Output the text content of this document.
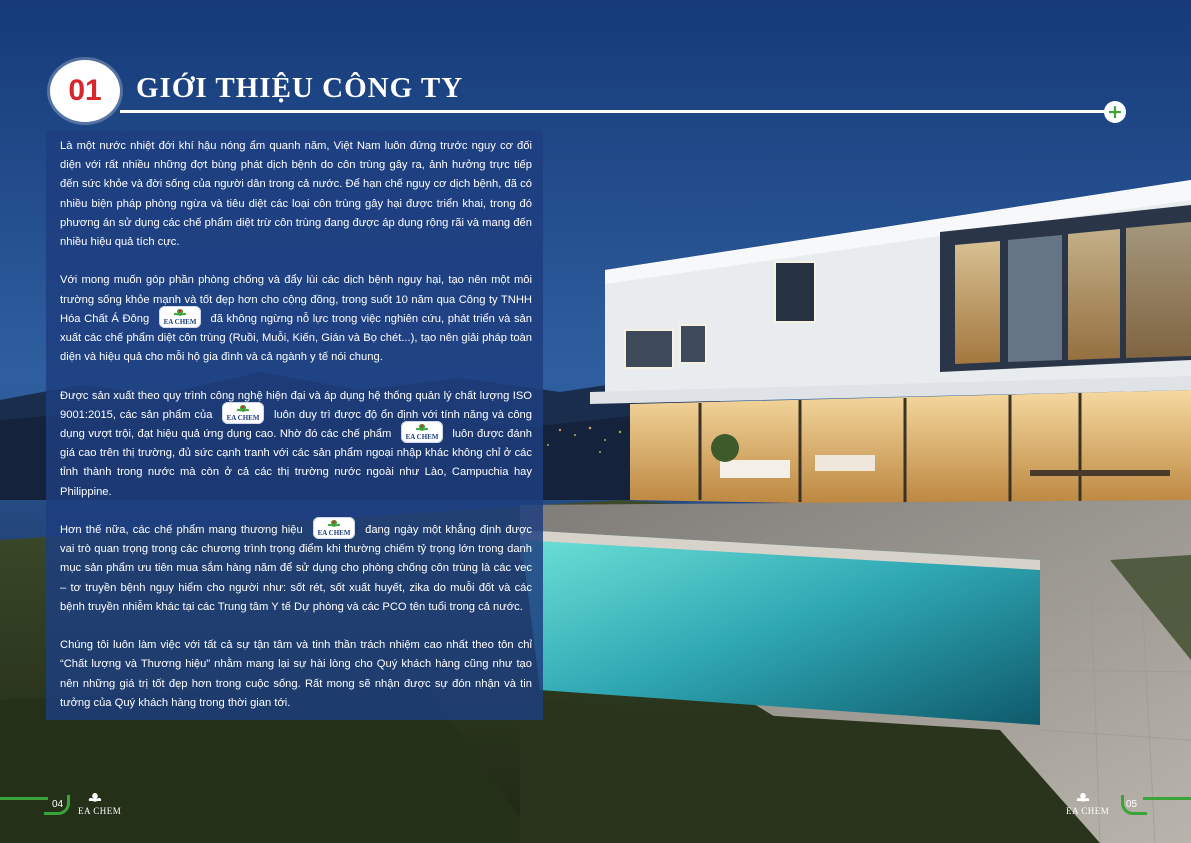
01 GIỚI THIỆU CÔNG TY
+

Là một nước nhiệt đới khí hậu nóng ẩm quanh năm, Việt Nam luôn đứng trước nguy cơ đối diện với rất nhiều những đợt bùng phát dịch bệnh do côn trùng gây ra, ảnh hưởng trực tiếp đến sức khỏe và đời sống của người dân trong cả nước. Để hạn chế nguy cơ dịch bệnh, đã có nhiều biện pháp phòng ngừa và tiêu diệt các loại côn trùng gây hại được triển khai, trong đó phương án sử dụng các chế phẩm diệt trừ côn trùng đang được áp dụng rộng rãi và mang đến nhiều hiệu quả tích cực.

Với mong muốn góp phần phòng chống và đẩy lùi các dịch bệnh nguy hại, tạo nên một môi trường sống khỏe mạnh và tốt đẹp hơn cho cộng đồng, trong suốt 10 năm qua Công ty TNHH Hóa Chất Á Đông EA CHEM đã không ngừng nỗ lực trong việc nghiên cứu, phát triển và sản xuất các chế phẩm diệt côn trùng (Ruồi, Muỗi, Kiến, Gián và Bọ chét...), tạo nên giải pháp toàn diện và hiệu quả cho mỗi hộ gia đình và cả ngành y tế nói chung.

Được sản xuất theo quy trình công nghệ hiện đại và áp dụng hệ thống quản lý chất lượng ISO 9001:2015, các sản phẩm của EA CHEM luôn duy trì được độ ổn định với tính năng và công dụng vượt trội, đạt hiệu quả ứng dụng cao. Nhờ đó các chế phẩm EA CHEM luôn được đánh giá cao trên thị trường, đủ sức cạnh tranh với các sản phẩm ngoại nhập khác không chỉ ở các tỉnh thành trong nước mà còn ở cả các thị trường nước ngoài như Lào, Campuchia hay Philippine.

Hơn thế nữa, các chế phẩm mang thương hiệu EA CHEM đang ngày một khẳng định được vai trò quan trọng trong các chương trình trọng điểm khi thường chiếm tỷ trọng lớn trong danh mục sản phẩm ưu tiên mua sắm hàng năm để sử dụng cho phòng chống côn trùng là các vec – tơ truyền bệnh nguy hiểm cho người như: sốt rét, sốt xuất huyết, zika do muỗi đốt và các bệnh truyền nhiễm khác tại các Trung tâm Y tế Dự phòng và các PCO tên tuổi trong cả nước.

Chúng tôi luôn làm việc với tất cả sự tận tâm và tinh thần trách nhiệm cao nhất theo tôn chỉ “Chất lượng và Thương hiệu” nhằm mang lại sự hài lòng cho Quý khách hàng cũng như tạo nên những giá trị tốt đẹp hơn trong cuộc sống. Rất mong sẽ nhận được sự đón nhận và tin tưởng của Quý khách hàng trong thời gian tới.

04
EA CHEM
05
EA CHEM
